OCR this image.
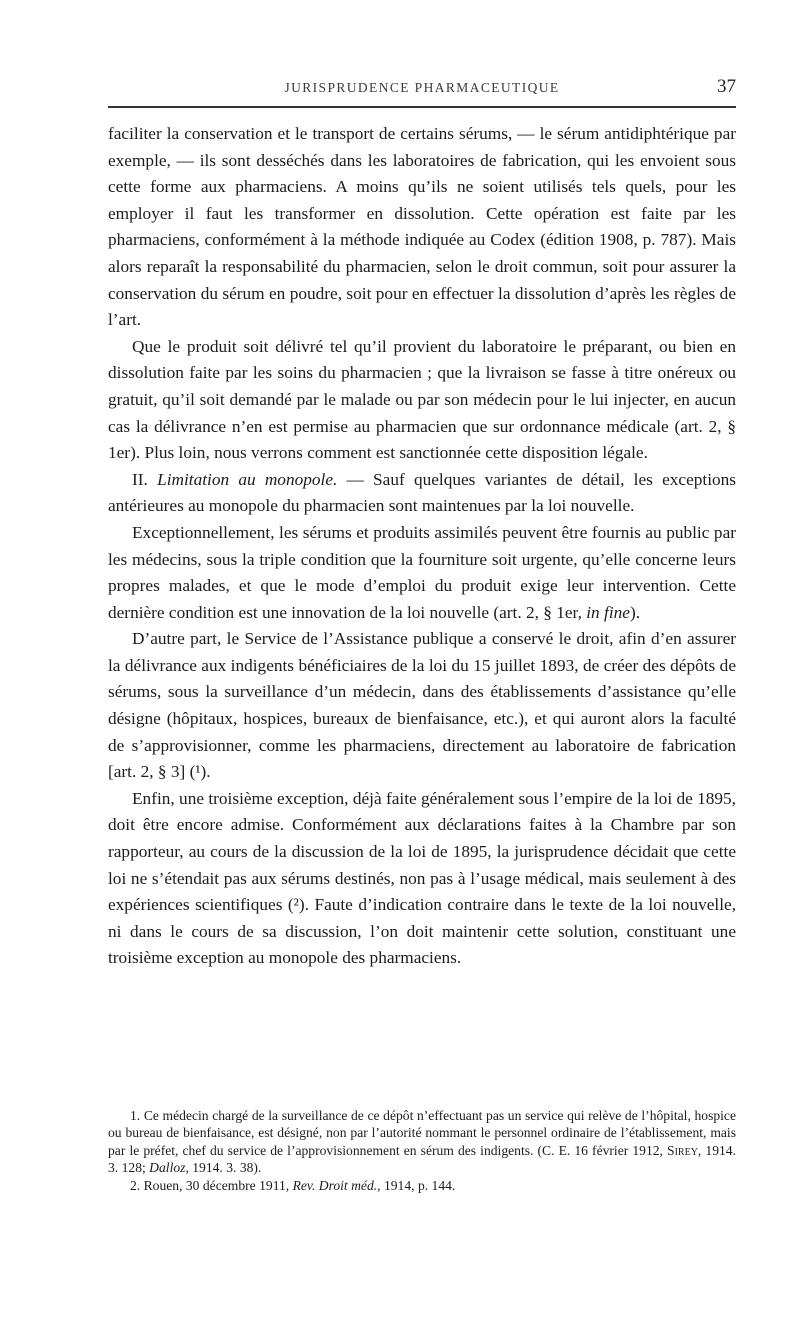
JURISPRUDENCE PHARMACEUTIQUE	37

faciliter la conservation et le transport de certains sérums, — le sérum antidiphtérique par exemple, — ils sont desséchés dans les laboratoires de fabrication, qui les envoient sous cette forme aux pharmaciens. A moins qu’ils ne soient utilisés tels quels, pour les employer il faut les transformer en dissolution. Cette opération est faite par les pharmaciens, conformément à la méthode indiquée au Codex (édition 1908, p. 787). Mais alors reparaît la responsabilité du pharmacien, selon le droit commun, soit pour assurer la conservation du sérum en poudre, soit pour en effectuer la dissolution d’après les règles de l’art.

Que le produit soit délivré tel qu’il provient du laboratoire le préparant, ou bien en dissolution faite par les soins du pharmacien ; que la livraison se fasse à titre onéreux ou gratuit, qu’il soit demandé par le malade ou par son médecin pour le lui injecter, en aucun cas la délivrance n’en est permise au pharmacien que sur ordonnance médicale (art. 2, § 1er). Plus loin, nous verrons comment est sanctionnée cette disposition légale.

II. Limitation au monopole. — Sauf quelques variantes de détail, les exceptions antérieures au monopole du pharmacien sont maintenues par la loi nouvelle.

Exceptionnellement, les sérums et produits assimilés peuvent être fournis au public par les médecins, sous la triple condition que la fourniture soit urgente, qu’elle concerne leurs propres malades, et que le mode d’emploi du produit exige leur intervention. Cette dernière condition est une innovation de la loi nouvelle (art. 2, § 1er, in fine).

D’autre part, le Service de l’Assistance publique a conservé le droit, afin d’en assurer la délivrance aux indigents bénéficiaires de la loi du 15 juillet 1893, de créer des dépôts de sérums, sous la surveillance d’un médecin, dans des établissements d’assistance qu’elle désigne (hôpitaux, hospices, bureaux de bienfaisance, etc.), et qui auront alors la faculté de s’approvisionner, comme les pharmaciens, directement au laboratoire de fabrication [art. 2, § 3] (¹).

Enfin, une troisième exception, déjà faite généralement sous l’empire de la loi de 1895, doit être encore admise. Conformément aux déclarations faites à la Chambre par son rapporteur, au cours de la discussion de la loi de 1895, la jurisprudence décidait que cette loi ne s’étendait pas aux sérums destinés, non pas à l’usage médical, mais seulement à des expériences scientifiques (²). Faute d’indication contraire dans le texte de la loi nouvelle, ni dans le cours de sa discussion, l’on doit maintenir cette solution, constituant une troisième exception au monopole des pharmaciens.

1. Ce médecin chargé de la surveillance de ce dépôt n’effectuant pas un service qui relève de l’hôpital, hospice ou bureau de bienfaisance, est désigné, non par l’autorité nommant le personnel ordinaire de l’établissement, mais par le préfet, chef du service de l’approvisionnement en sérum des indigents. (C. E. 16 février 1912, Sirey, 1914. 3. 128; Dalloz, 1914. 3. 38).

2. Rouen, 30 décembre 1911, Rev. Droit méd., 1914, p. 144.
